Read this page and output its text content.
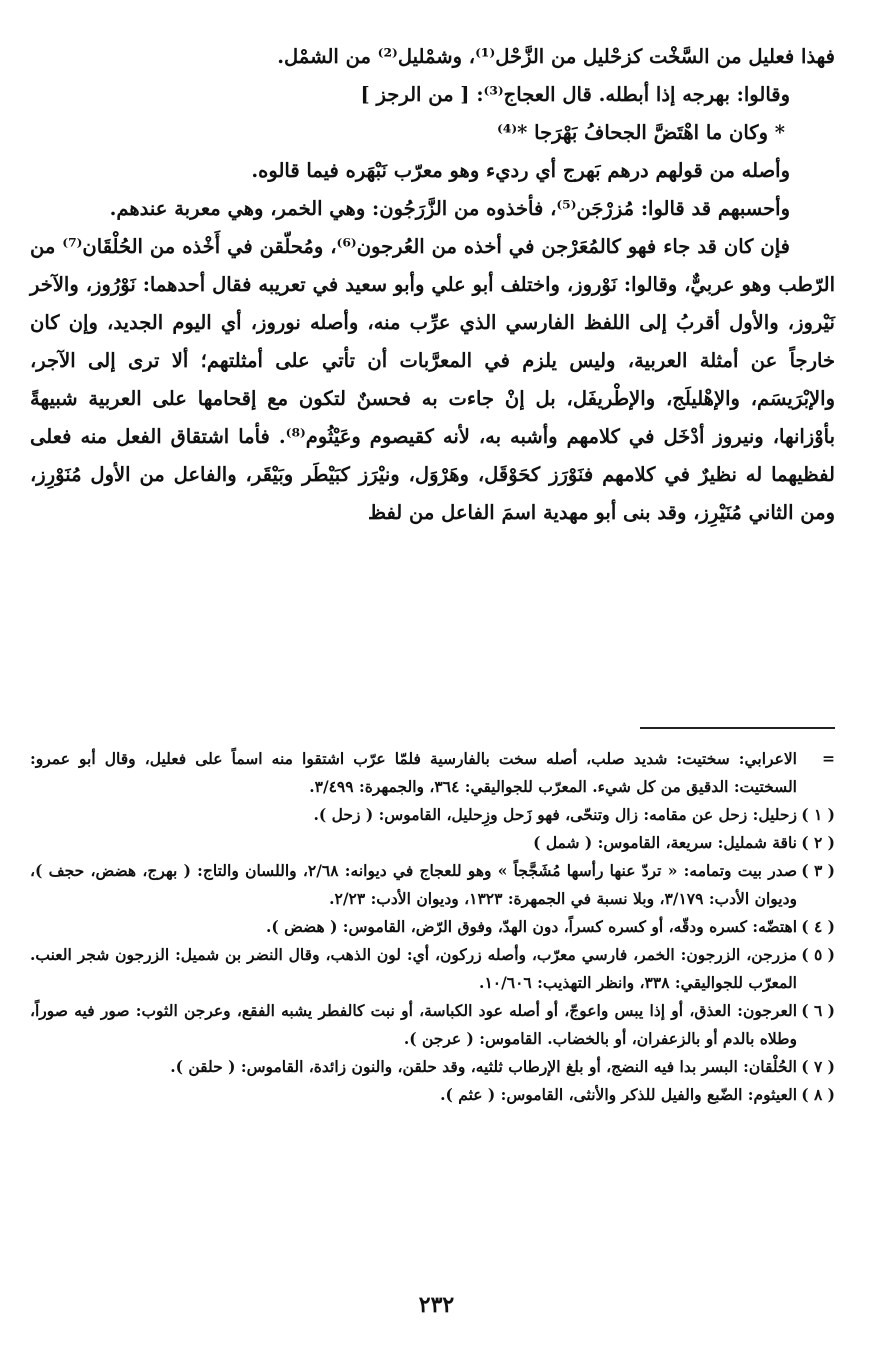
فهذا فعليل من السَّخْت كزحْليل من الزَّحْل⁽¹⁾، وشمْليل⁽²⁾ من الشمْل.

وقالوا: بهرجه إذا أبطله. قال العجاج⁽³⁾: [ من الرجز ]

* وكان ما اهْتَضَّ الجحافُ بَهْرَجا *⁽⁴⁾

وأصله من قولهم درهم بَهرج أي رديء وهو معرّب نَبْهَره فيما قالوه.

وأحسبهم قد قالوا: مُزرْجَن⁽⁵⁾، فأخذوه من الزَّرَجُون: وهي الخمر، وهي معربة عندهم.

فإن كان قد جاء فهو كالمُعَرْجن في أخذه من العُرجون⁽⁶⁾، ومُحلّقن في أَخْذه من الحُلْقَان⁽⁷⁾ من الرّطب وهو عربيٌّ، وقالوا: نَوْروز، واختلف أبو علي وأبو سعيد في تعريبه فقال أحدهما: نَوْرُوز، والآخر نَيْروز، والأول أقربُ إلى اللفظ الفارسي الذي عرِّب منه، وأصله نوروز، أي اليوم الجديد، وإن كان خارجاً عن أمثلة العربية، وليس يلزم في المعرَّبات أن تأتي على أمثلتهم؛ ألا ترى إلى الآجر، والإبْرَيسَم، والإهْليلَج، والإطْريفَل، بل إنْ جاءت به فحسنٌ لتكون مع إقحامها على العربية شبيهةً بأوْزانها، ونيروز أدْخَل في كلامهم وأشبه به، لأنه كقيصوم وعَيْثُوم⁽⁸⁾. فأما اشتقاق الفعل منه فعلى لفظيهما له نظيرٌ في كلامهم فنَوْرَز كحَوْقَل، وهَرْوَل، ونيْرَز كبَيْطَر وبَيْقَر، والفاعل من الأول مُنَوْرِز، ومن الثاني مُنَيْرِز، وقد بنى أبو مهدية اسمَ الفاعل من لفظ

=
الاعرابي: سختيت: شديد صلب، أصله سخت بالفارسية فلمّا عرّب اشتقوا منه اسماً على فعليل، وقال أبو عمرو: السختيت: الدقيق من كل شيء. المعرّب للجواليقي: ٣٦٤، والجمهرة: ٣/٤٩٩.
( ١ )
زحليل: زحل عن مقامه: زال وتنحّى، فهو زَحل وزِحليل، القاموس: ( زحل ).
( ٢ )
ناقة شمليل: سريعة، القاموس: ( شمل )
( ٣ )
صدر بيت وتمامه: « تردّ عنها رأسها مُشَجَّجاً » وهو للعجاج في ديوانه: ٢/٦٨، واللسان والتاج: ( بهرج، هضض، حجف )، وديوان الأدب: ٣/١٧٩، وبلا نسبة في الجمهرة: ١٣٢٣، وديوان الأدب: ٢/٢٣.
( ٤ )
اهتضّه: كسره ودقّه، أو كسره كسراً، دون الهدّ، وفوق الرّض، القاموس: ( هضض ).
( ٥ )
مزرجن، الزرجون: الخمر، فارسي معرّب، وأصله زركون، أي: لون الذهب، وقال النضر بن شميل: الزرجون شجر العنب. المعرّب للجواليقي: ٣٣٨، وانظر التهذيب: ١٠/٦٠٦.
( ٦ )
العرجون: العذق، أو إذا يبس واعوجّ، أو أصله عود الكباسة، أو نبت كالفطر يشبه الفقع، وعرجن الثوب: صور فيه صوراً، وطلاه بالدم أو بالزعفران، أو بالخضاب. القاموس: ( عرجن ).
( ٧ )
الحُلْقان: البسر بدا فيه النضج، أو بلغ الإرطاب ثلثيه، وقد حلقن، والنون زائدة، القاموس: ( حلقن ).
( ٨ )
العيثوم: الضّبع والفيل للذكر والأنثى، القاموس: ( عثم ).
٢٣٢
